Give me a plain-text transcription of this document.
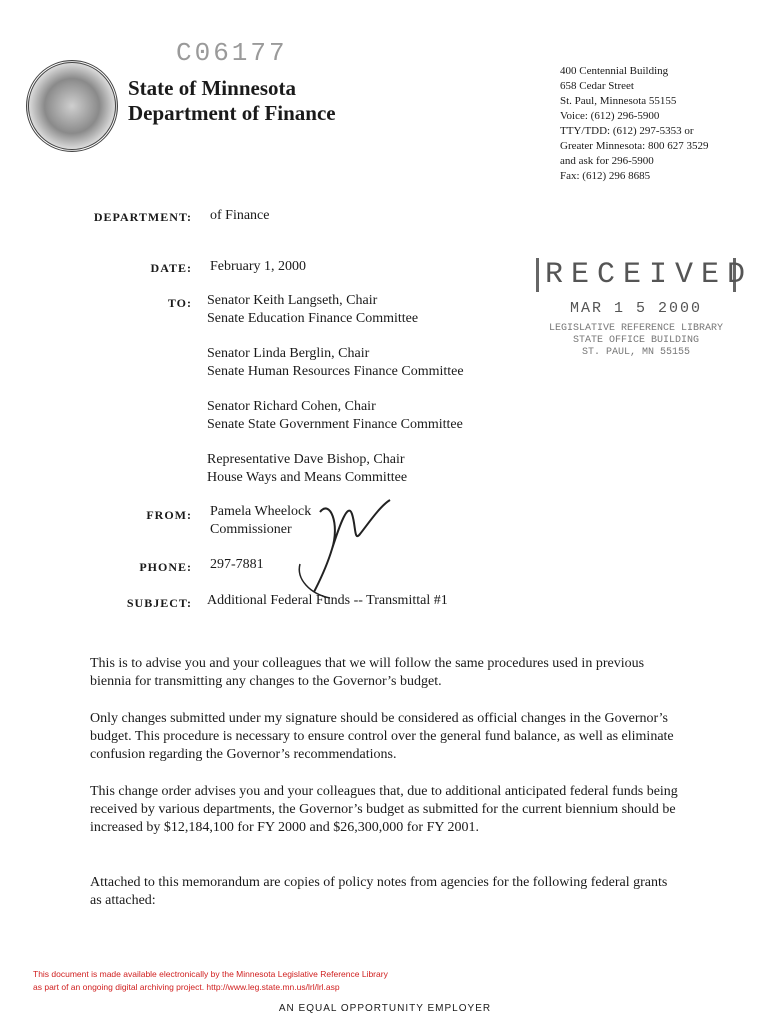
C06177
State of Minnesota
Department of Finance
400 Centennial Building
658 Cedar Street
St. Paul, Minnesota 55155
Voice: (612) 296-5900
TTY/TDD: (612) 297-5353 or
Greater Minnesota: 800 627 3529
and ask for 296-5900
Fax: (612) 296 8685
DEPARTMENT: of Finance
DATE: February 1, 2000
TO: Senator Keith Langseth, Chair
Senate Education Finance Committee
Senator Linda Berglin, Chair
Senate Human Resources Finance Committee
Senator Richard Cohen, Chair
Senate State Government Finance Committee
Representative Dave Bishop, Chair
House Ways and Means Committee
FROM: Pamela Wheelock
Commissioner
PHONE: 297-7881
SUBJECT: Additional Federal Funds -- Transmittal #1
RECEIVED
MAR 1 5 2000
LEGISLATIVE REFERENCE LIBRARY
STATE OFFICE BUILDING
ST. PAUL, MN 55155
This is to advise you and your colleagues that we will follow the same procedures used in previous biennia for transmitting any changes to the Governor’s budget.
Only changes submitted under my signature should be considered as official changes in the Governor’s budget. This procedure is necessary to ensure control over the general fund balance, as well as eliminate confusion regarding the Governor’s recommendations.
This change order advises you and your colleagues that, due to additional anticipated federal funds being received by various departments, the Governor’s budget as submitted for the current biennium should be increased by $12,184,100 for FY 2000 and $26,300,000 for FY 2001.
Attached to this memorandum are copies of policy notes from agencies for the following federal grants as attached:
This document is made available electronically by the Minnesota Legislative Reference Library
as part of an ongoing digital archiving project. http://www.leg.state.mn.us/lrl/lrl.asp
AN EQUAL OPPORTUNITY EMPLOYER
